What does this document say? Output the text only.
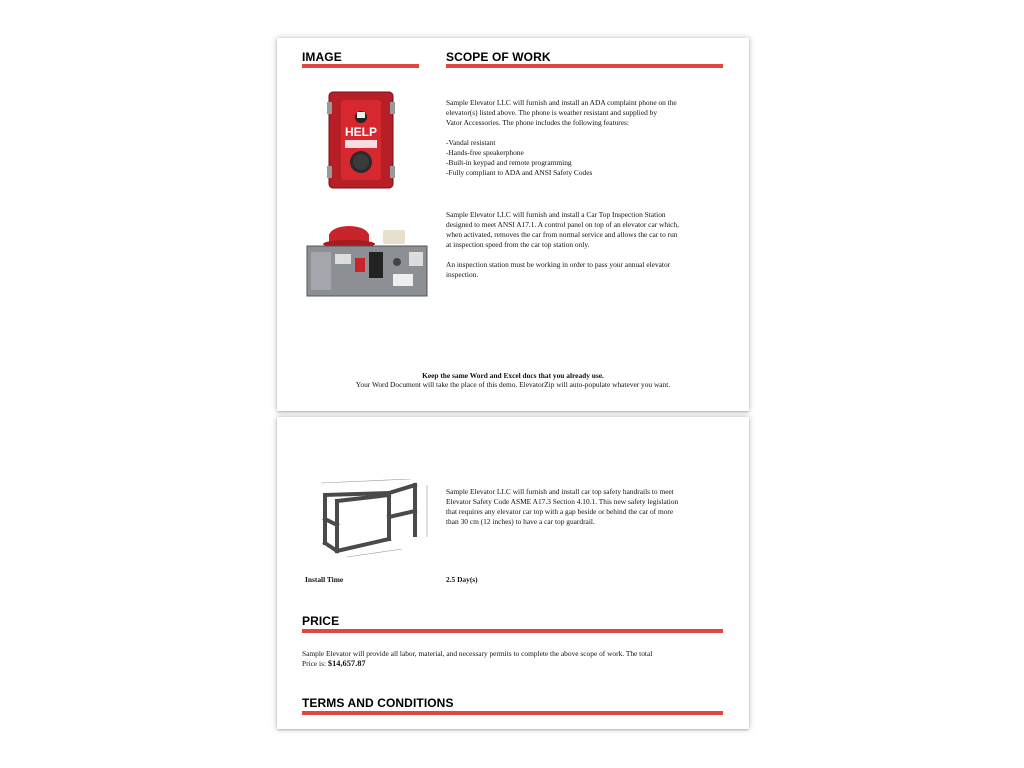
IMAGE	SCOPE OF WORK
HELP
Sample Elevator LLC will furnish and install an ADA complaint phone on the
elevator(s) listed above. The phone is weather resistant and supplied by
Vator Accessories. The phone includes the following features:

-Vandal resistant
-Hands-free speakerphone
-Built-in keypad and remote programming
-Fully compliant to ADA and ANSI Safety Codes
Sample Elevator LLC will furnish and install a Car Top Inspection Station
designed to meet ANSI A17.1. A control panel on top of an elevator car which,
when activated, removes the car from normal service and allows the car to run
at inspection speed from the car top station only.

An inspection station must be working in order to pass your annual elevator
inspection.
Keep the same Word and Excel docs that you already use.
Your Word Document will take the place of this demo. ElevatorZip will auto-populate whatever you want.
Sample Elevator LLC will furnish and install car top safety handrails to meet
Elevator Safety Code ASME A17.3 Section 4.10.1. This new safety legislation
that requires any elevator car top with a gap beside or behind the car of more
than 30 cm (12 inches) to have a car top guardrail.
Install Time	2.5 Day(s)
PRICE
Sample Elevator will provide all labor, material, and necessary permits to complete the above scope of work. The total
Price is: $14,657.87
TERMS AND CONDITIONS
